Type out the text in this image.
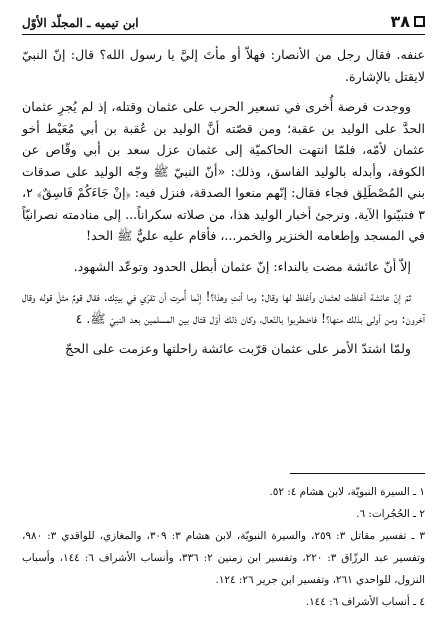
٣٨
ابن تيميه ـ المجلّد الأوّل

عنفه. فقال رجل من الأنصار: فهلاّ أو مأتَ إليَّ يا رسول الله؟ قال: إنّ النبيّ لايقتل بالإشارة.

ووجدت فرصة أُخرى في تسعير الحرب على عثمان وقتله، إذ لم يُجرِ عثمان الحدَّ على الوليد بن عقبة؛ ومن قصّته أنَّ الوليد بن عُقبة بن أبي مُعَيْط أخو عثمان لأمّه، فلمّا انتهت الحاكميّة إلى عثمان عزل سعد بن أبي وقّاص عن الكوفة، وأبدله بالوليد الفاسق، وذلك: «أنّ النبيّ ﷺ وجّه الوليد على صدقات بني المُصْطَلِق فجاء فقال: إنّهم منعوا الصدقة، فنزل فيه: ﴿إنْ جَاءَكُمْ فَاسِقٌ﴾ ٢، ٣ فتبيّنوا الآية. ونرجئ أخبار الوليد هذا، من صلاته سكراناً... إلى منادمته نصرانيّاً في المسجد وإطعامه الخنزير والخمر...، فأقام عليه عليٌّ ﷺ الحد!

إلاّ أنّ عائشة مضت بالنداء: إنّ عثمان أبطل الحدود وتوعّد الشهود.

ثمّ إنّ عائشة أغلظت لعثمان وأغلظ لها وقال: وما أنتِ وهذا؟! إنّما أُمرت أن تقرّي في بيتِك. فقال قومٌ مثلَ قوله وقال آخرون: ومن أولى بذلك منها؟! فاضطربوا بالنّعال، وكان ذلك أوّل قتال بين المسلمين بعد النبيّ ﷺ. ٤

ولمّا اشتدّ الأمر على عثمان قرّبت عائشة راحلتها وعزمت على الحجّ

١ ـ السيرة النبويّة، لابن هشام ٤: ٥٢.

٢ ـ الحُجُرات: ٦.

٣ ـ تفسير مقاتل ٣: ٢٥٩، والسيرة النبويّة، لابن هشام ٣: ٣٠٩، والمغازي، للواقدي ٣: ٩٨٠، وتفسير عبد الرزّاق ٣: ٢٢٠، وتفسير ابن زمنين ٢: ٣٣٦، وأنساب الأشراف ٦: ١٤٤، وأسباب النزول، للواحدي ٢٦١، وتفسير ابن جرير ٢٦: ١٢٤.

٤ ـ أنساب الأشراف ٦: ١٤٤.
